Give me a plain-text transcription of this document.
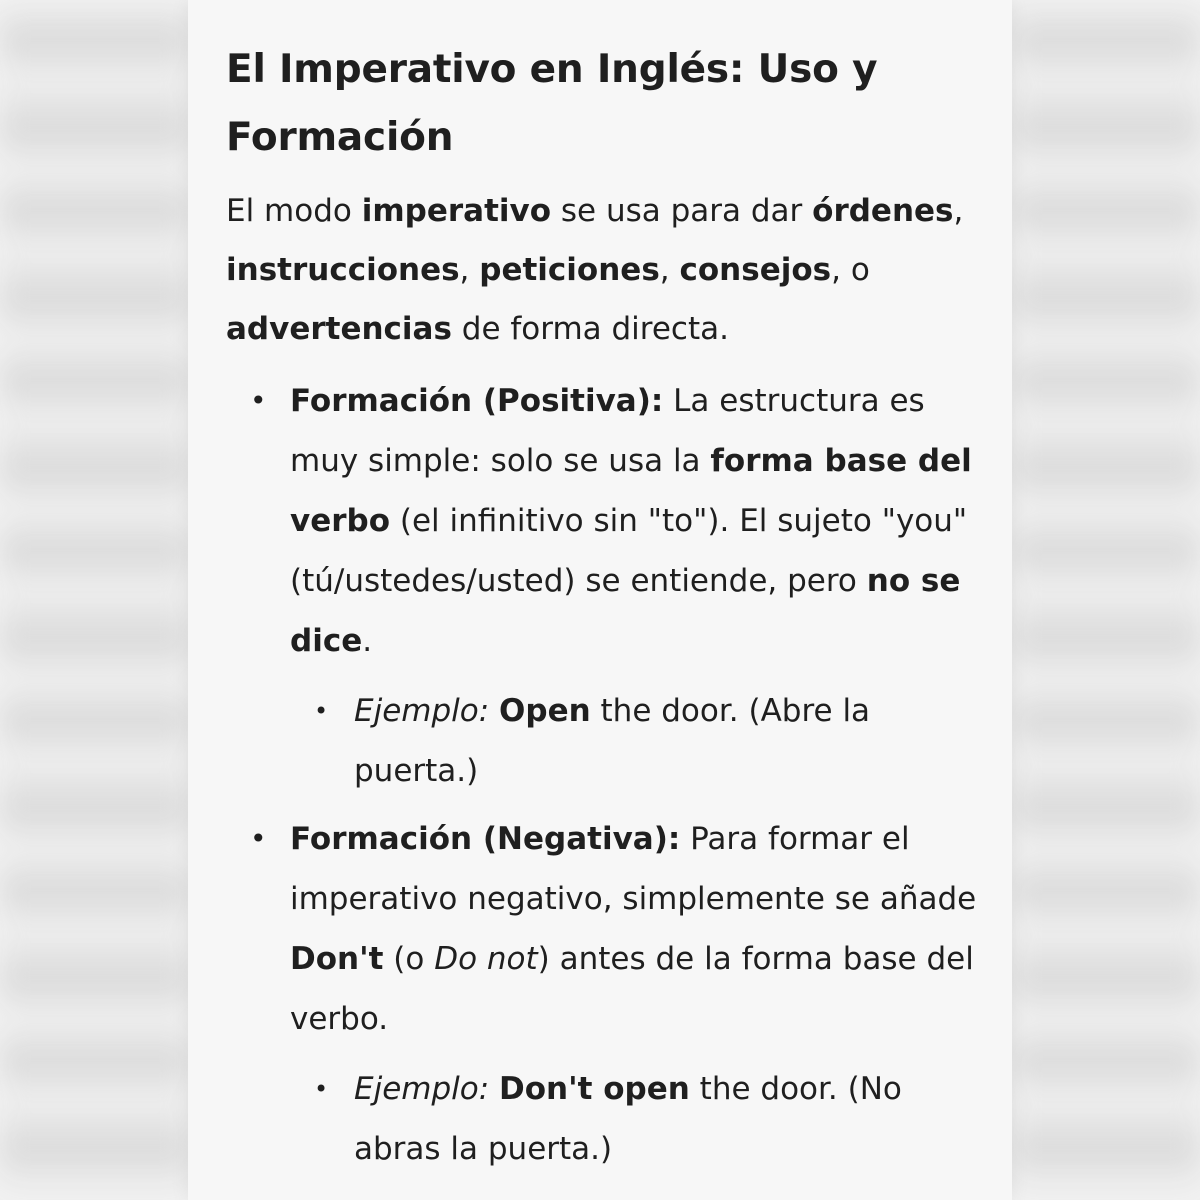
El Imperativo en Inglés: Uso y Formación

El modo imperativo se usa para dar órdenes, instrucciones, peticiones, consejos, o advertencias de forma directa.

• Formación (Positiva): La estructura es muy simple: solo se usa la forma base del verbo (el infinitivo sin "to"). El sujeto "you" (tú/ustedes/usted) se entiende, pero no se dice.
• Ejemplo: Open the door. (Abre la puerta.)
• Formación (Negativa): Para formar el imperativo negativo, simplemente se añade Don't (o Do not) antes de la forma base del verbo.
• Ejemplo: Don't open the door. (No abras la puerta.)
